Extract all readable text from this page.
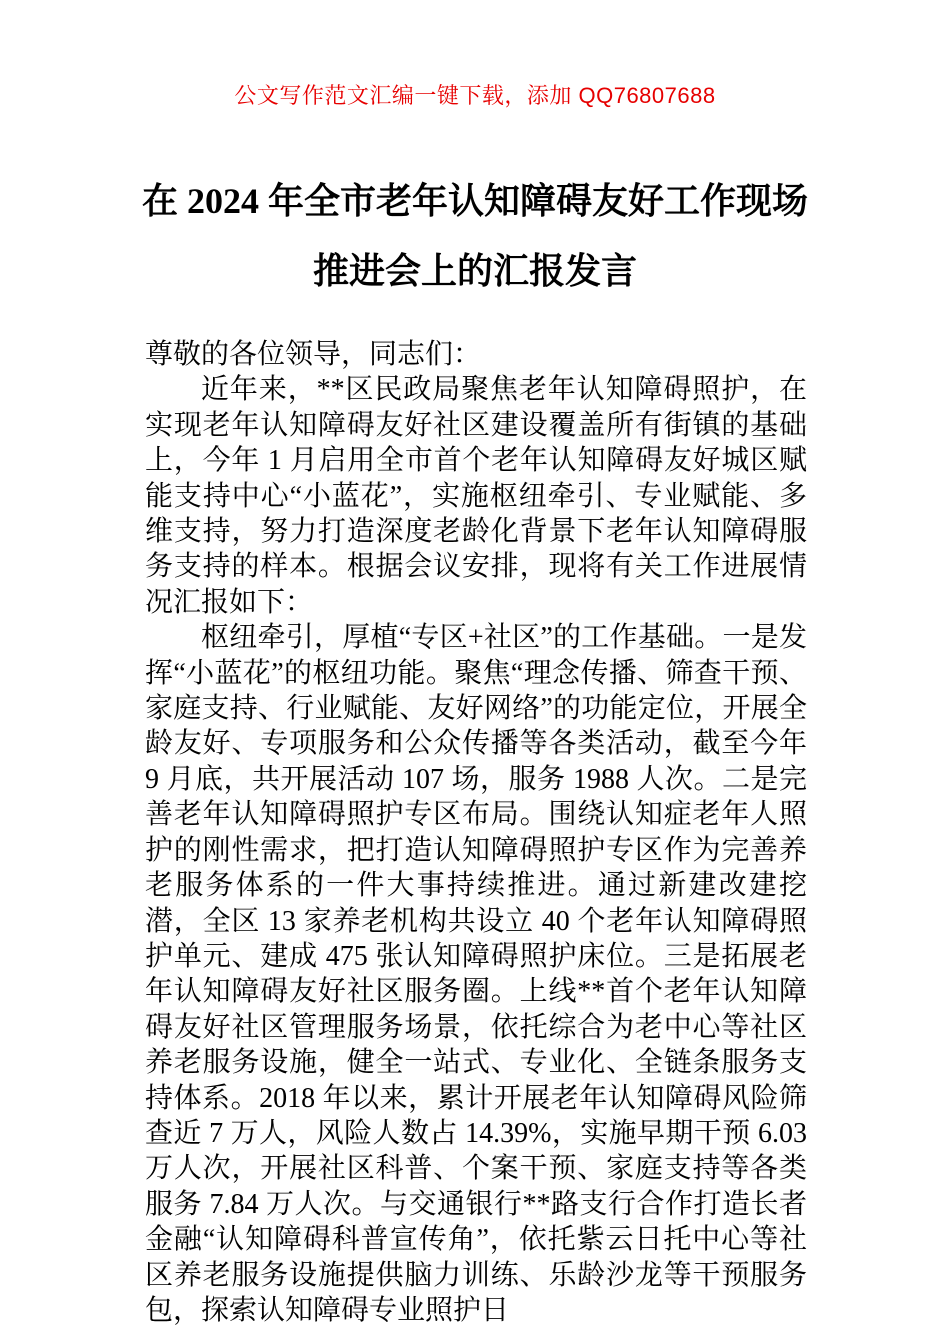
公文写作范文汇编一键下载，添加 QQ76807688
在 2024 年全市老年认知障碍友好工作现场
推进会上的汇报发言

尊敬的各位领导，同志们：

近年来，**区民政局聚焦老年认知障碍照护，在实现老年认知障碍友好社区建设覆盖所有街镇的基础上，今年 1 月启用全市首个老年认知障碍友好城区赋能支持中心“小蓝花”，实施枢纽牵引、专业赋能、多维支持，努力打造深度老龄化背景下老年认知障碍服务支持的样本。根据会议安排，现将有关工作进展情况汇报如下：

枢纽牵引，厚植“专区+社区”的工作基础。一是发挥“小蓝花”的枢纽功能。聚焦“理念传播、筛查干预、家庭支持、行业赋能、友好网络”的功能定位，开展全龄友好、专项服务和公众传播等各类活动，截至今年 9 月底，共开展活动 107 场，服务 1988 人次。二是完善老年认知障碍照护专区布局。围绕认知症老年人照护的刚性需求，把打造认知障碍照护专区作为完善养老服务体系的一件大事持续推进。通过新建改建挖潜，全区 13 家养老机构共设立 40 个老年认知障碍照护单元、建成 475 张认知障碍照护床位。三是拓展老年认知障碍友好社区服务圈。上线**首个老年认知障碍友好社区管理服务场景，依托综合为老中心等社区养老服务设施，健全一站式、专业化、全链条服务支持体系。2018 年以来，累计开展老年认知障碍风险筛查近 7 万人，风险人数占 14.39%，实施早期干预 6.03 万人次，开展社区科普、个案干预、家庭支持等各类服务 7.84 万人次。与交通银行**路支行合作打造长者金融“认知障碍科普宣传角”，依托紫云日托中心等社区养老服务设施提供脑力训练、乐龄沙龙等干预服务包，探索认知障碍专业照护日
